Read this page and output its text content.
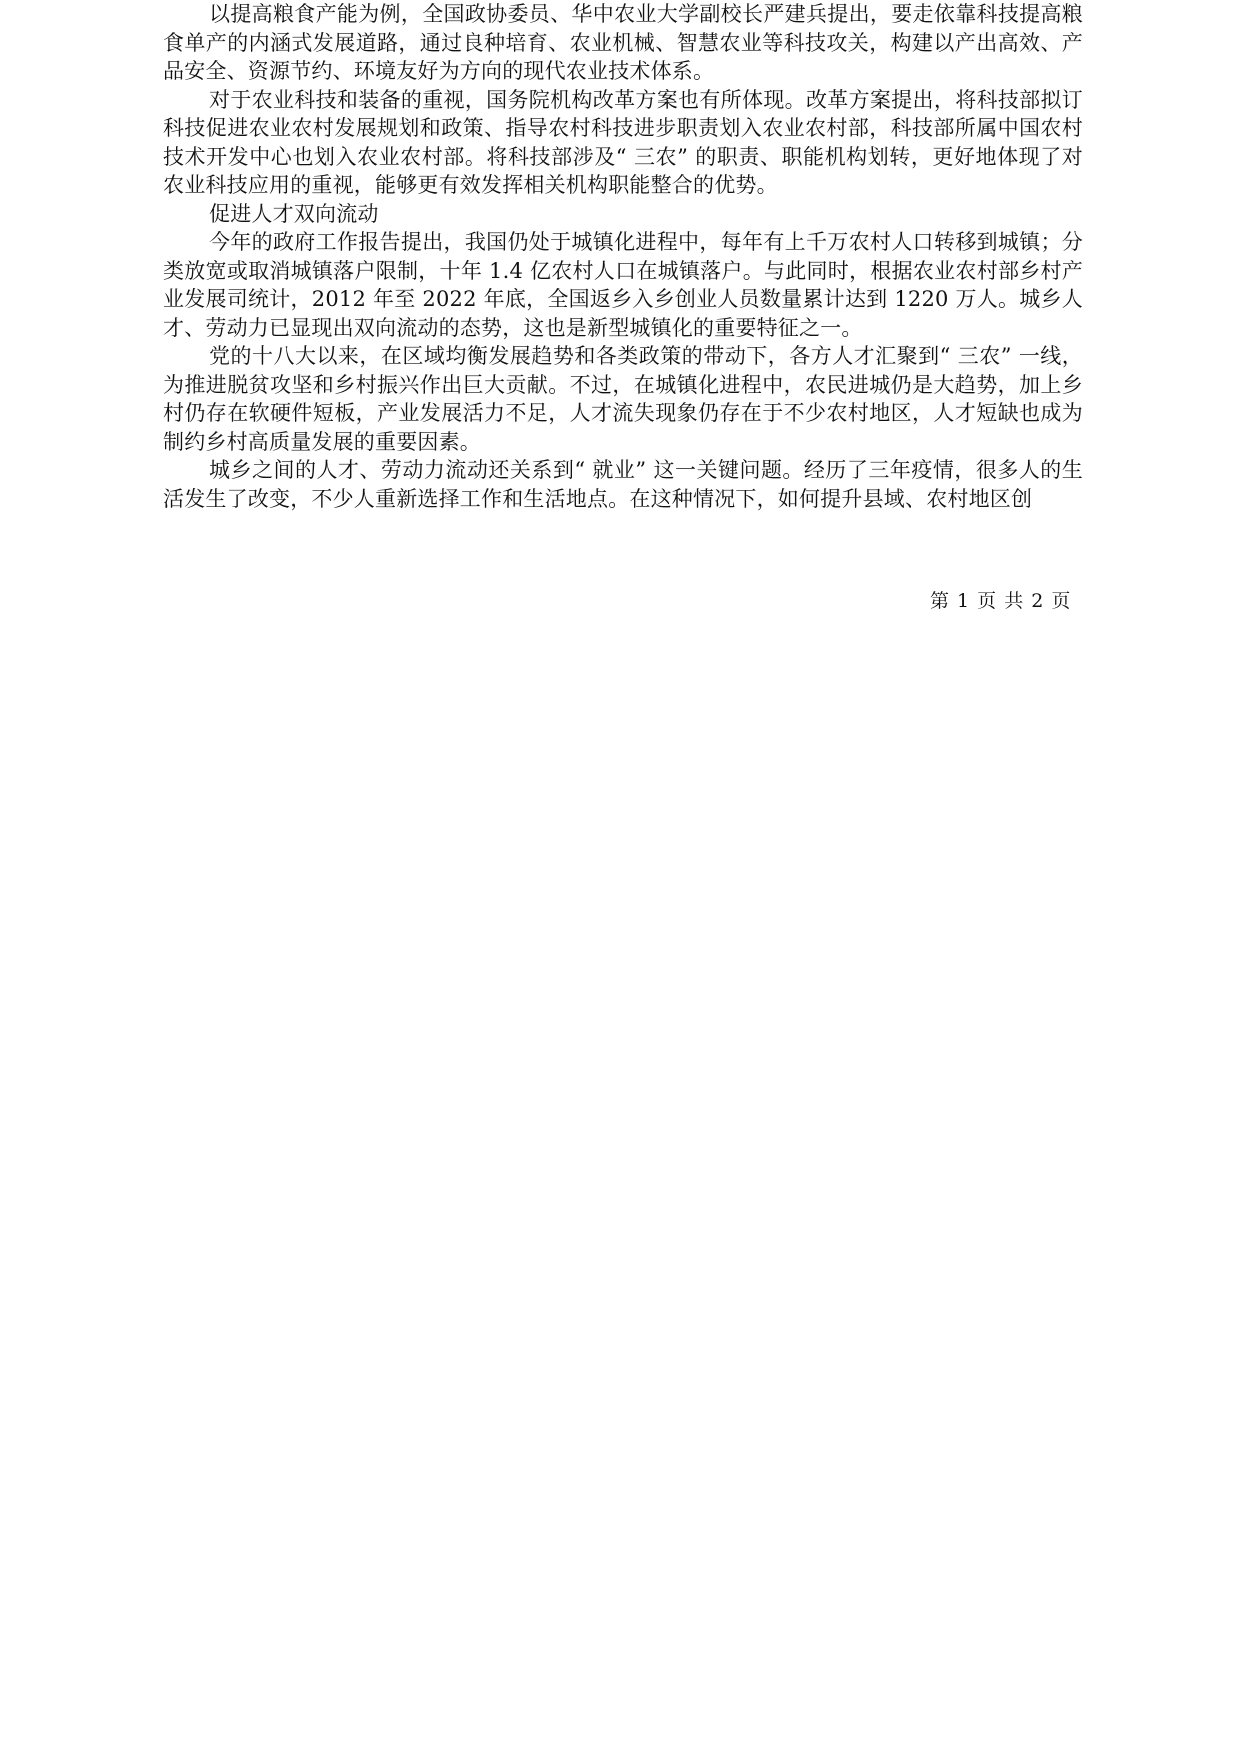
以提高粮食产能为例，全国政协委员、华中农业大学副校长严建兵提出，要走依靠科技提高粮食单产的内涵式发展道路，通过良种培育、农业机械、智慧农业等科技攻关，构建以产出高效、产品安全、资源节约、环境友好为方向的现代农业技术体系。

对于农业科技和装备的重视，国务院机构改革方案也有所体现。改革方案提出，将科技部拟订科技促进农业农村发展规划和政策、指导农村科技进步职责划入农业农村部，科技部所属中国农村技术开发中心也划入农业农村部。将科技部涉及“ 三农” 的职责、职能机构划转，更好地体现了对农业科技应用的重视，能够更有效发挥相关机构职能整合的优势。

促进人才双向流动

今年的政府工作报告提出，我国仍处于城镇化进程中，每年有上千万农村人口转移到城镇；分类放宽或取消城镇落户限制，十年 1.4 亿农村人口在城镇落户。与此同时，根据农业农村部乡村产业发展司统计，2012 年至 2022 年底，全国返乡入乡创业人员数量累计达到 1220 万人。城乡人才、劳动力已显现出双向流动的态势，这也是新型城镇化的重要特征之一。

党的十八大以来，在区域均衡发展趋势和各类政策的带动下，各方人才汇聚到“ 三农” 一线，为推进脱贫攻坚和乡村振兴作出巨大贡献。不过，在城镇化进程中，农民进城仍是大趋势，加上乡村仍存在软硬件短板，产业发展活力不足，人才流失现象仍存在于不少农村地区，人才短缺也成为制约乡村高质量发展的重要因素。

城乡之间的人才、劳动力流动还关系到“ 就业” 这一关键问题。经历了三年疫情，很多人的生活发生了改变，不少人重新选择工作和生活地点。在这种情况下，如何提升县域、农村地区创

第 1 页 共 2 页
